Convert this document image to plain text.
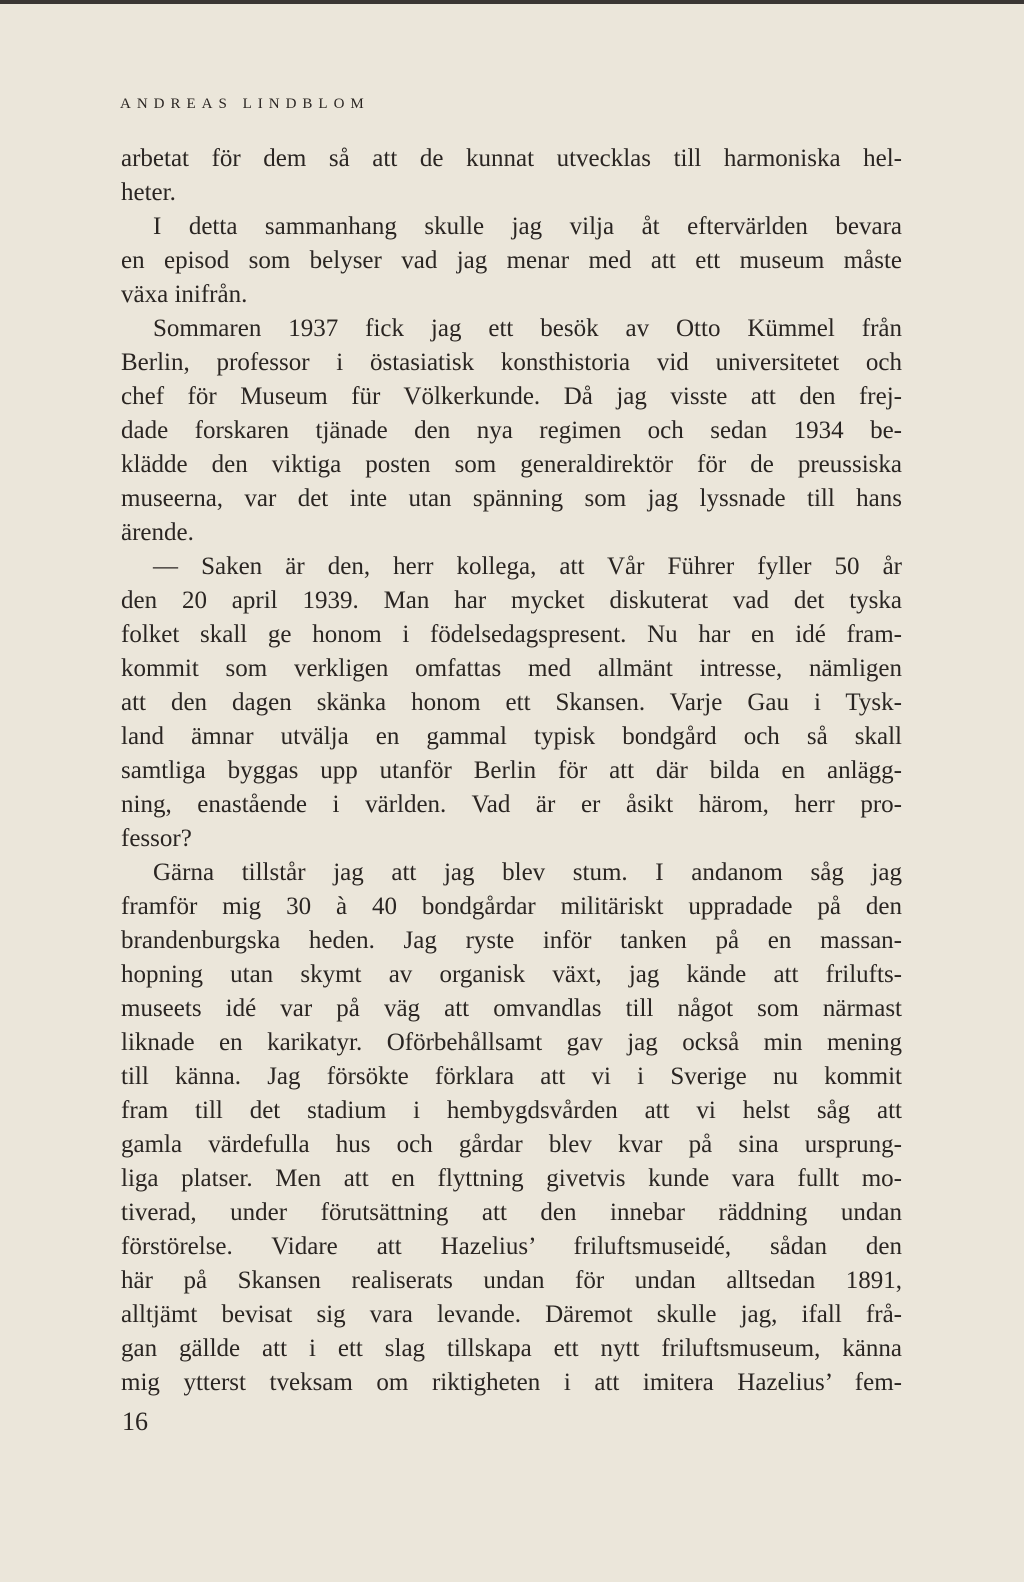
ANDREAS LINDBLOM
arbetat för dem så att de kunnat utvecklas till harmoniska hel-
heter.
I detta sammanhang skulle jag vilja åt eftervärlden bevara
en episod som belyser vad jag menar med att ett museum måste
växa inifrån.
Sommaren 1937 fick jag ett besök av Otto Kümmel från
Berlin, professor i östasiatisk konsthistoria vid universitetet och
chef för Museum für Völkerkunde. Då jag visste att den frej-
dade forskaren tjänade den nya regimen och sedan 1934 be-
klädde den viktiga posten som generaldirektör för de preussiska
museerna, var det inte utan spänning som jag lyssnade till hans
ärende.
— Saken är den, herr kollega, att Vår Führer fyller 50 år
den 20 april 1939. Man har mycket diskuterat vad det tyska
folket skall ge honom i födelsedagspresent. Nu har en idé fram-
kommit som verkligen omfattas med allmänt intresse, nämligen
att den dagen skänka honom ett Skansen. Varje Gau i Tysk-
land ämnar utvälja en gammal typisk bondgård och så skall
samtliga byggas upp utanför Berlin för att där bilda en anlägg-
ning, enastående i världen. Vad är er åsikt härom, herr pro-
fessor?
Gärna tillstår jag att jag blev stum. I andanom såg jag
framför mig 30 à 40 bondgårdar militäriskt uppradade på den
brandenburgska heden. Jag ryste inför tanken på en massan-
hopning utan skymt av organisk växt, jag kände att frilufts-
museets idé var på väg att omvandlas till något som närmast
liknade en karikatyr. Oförbehållsamt gav jag också min mening
till känna. Jag försökte förklara att vi i Sverige nu kommit
fram till det stadium i hembygdsvården att vi helst såg att
gamla värdefulla hus och gårdar blev kvar på sina ursprung-
liga platser. Men att en flyttning givetvis kunde vara fullt mo-
tiverad, under förutsättning att den innebar räddning undan
förstörelse. Vidare att Hazelius’ friluftsmuseidé, sådan den
här på Skansen realiserats undan för undan alltsedan 1891,
alltjämt bevisat sig vara levande. Däremot skulle jag, ifall frå-
gan gällde att i ett slag tillskapa ett nytt friluftsmuseum, känna
mig ytterst tveksam om riktigheten i att imitera Hazelius’ fem-
16
